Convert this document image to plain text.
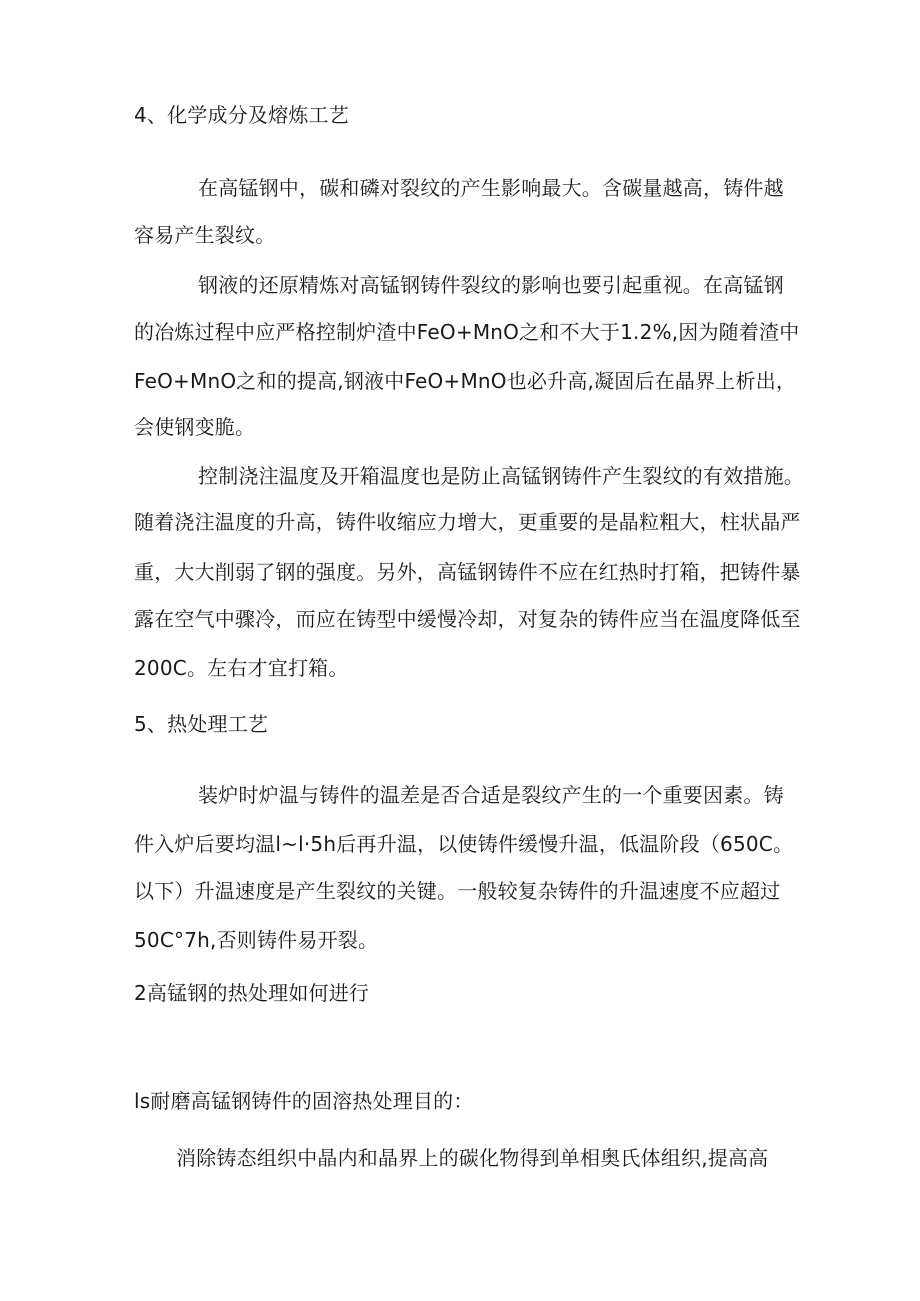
4、化学成分及熔炼工艺

在高锰钢中，碳和磷对裂纹的产生影响最大。含碳量越高，铸件越

容易产生裂纹。

钢液的还原精炼对高锰钢铸件裂纹的影响也要引起重视。在高锰钢

的冶炼过程中应严格控制炉渣中FeO+MnO之和不大于1.2%,因为随着渣中

FeO+MnO之和的提高,钢液中FeO+MnO也必升高,凝固后在晶界上析出，

会使钢变脆。

控制浇注温度及开箱温度也是防止高锰钢铸件产生裂纹的有效措施。

随着浇注温度的升高，铸件收缩应力增大，更重要的是晶粒粗大，柱状晶严

重，大大削弱了钢的强度。另外，高锰钢铸件不应在红热时打箱，把铸件暴

露在空气中骤冷，而应在铸型中缓慢冷却，对复杂的铸件应当在温度降低至

200C。左右才宜打箱。

5、热处理工艺

装炉时炉温与铸件的温差是否合适是裂纹产生的一个重要因素。铸

件入炉后要均温l~l·5h后再升温，以使铸件缓慢升温，低温阶段（650C。

以下）升温速度是产生裂纹的关键。一般较复杂铸件的升温速度不应超过

50C°7h,否则铸件易开裂。

2高锰钢的热处理如何进行

ls耐磨高锰钢铸件的固溶热处理目的：

消除铸态组织中晶内和晶界上的碳化物得到单相奥氏体组织,提高高
